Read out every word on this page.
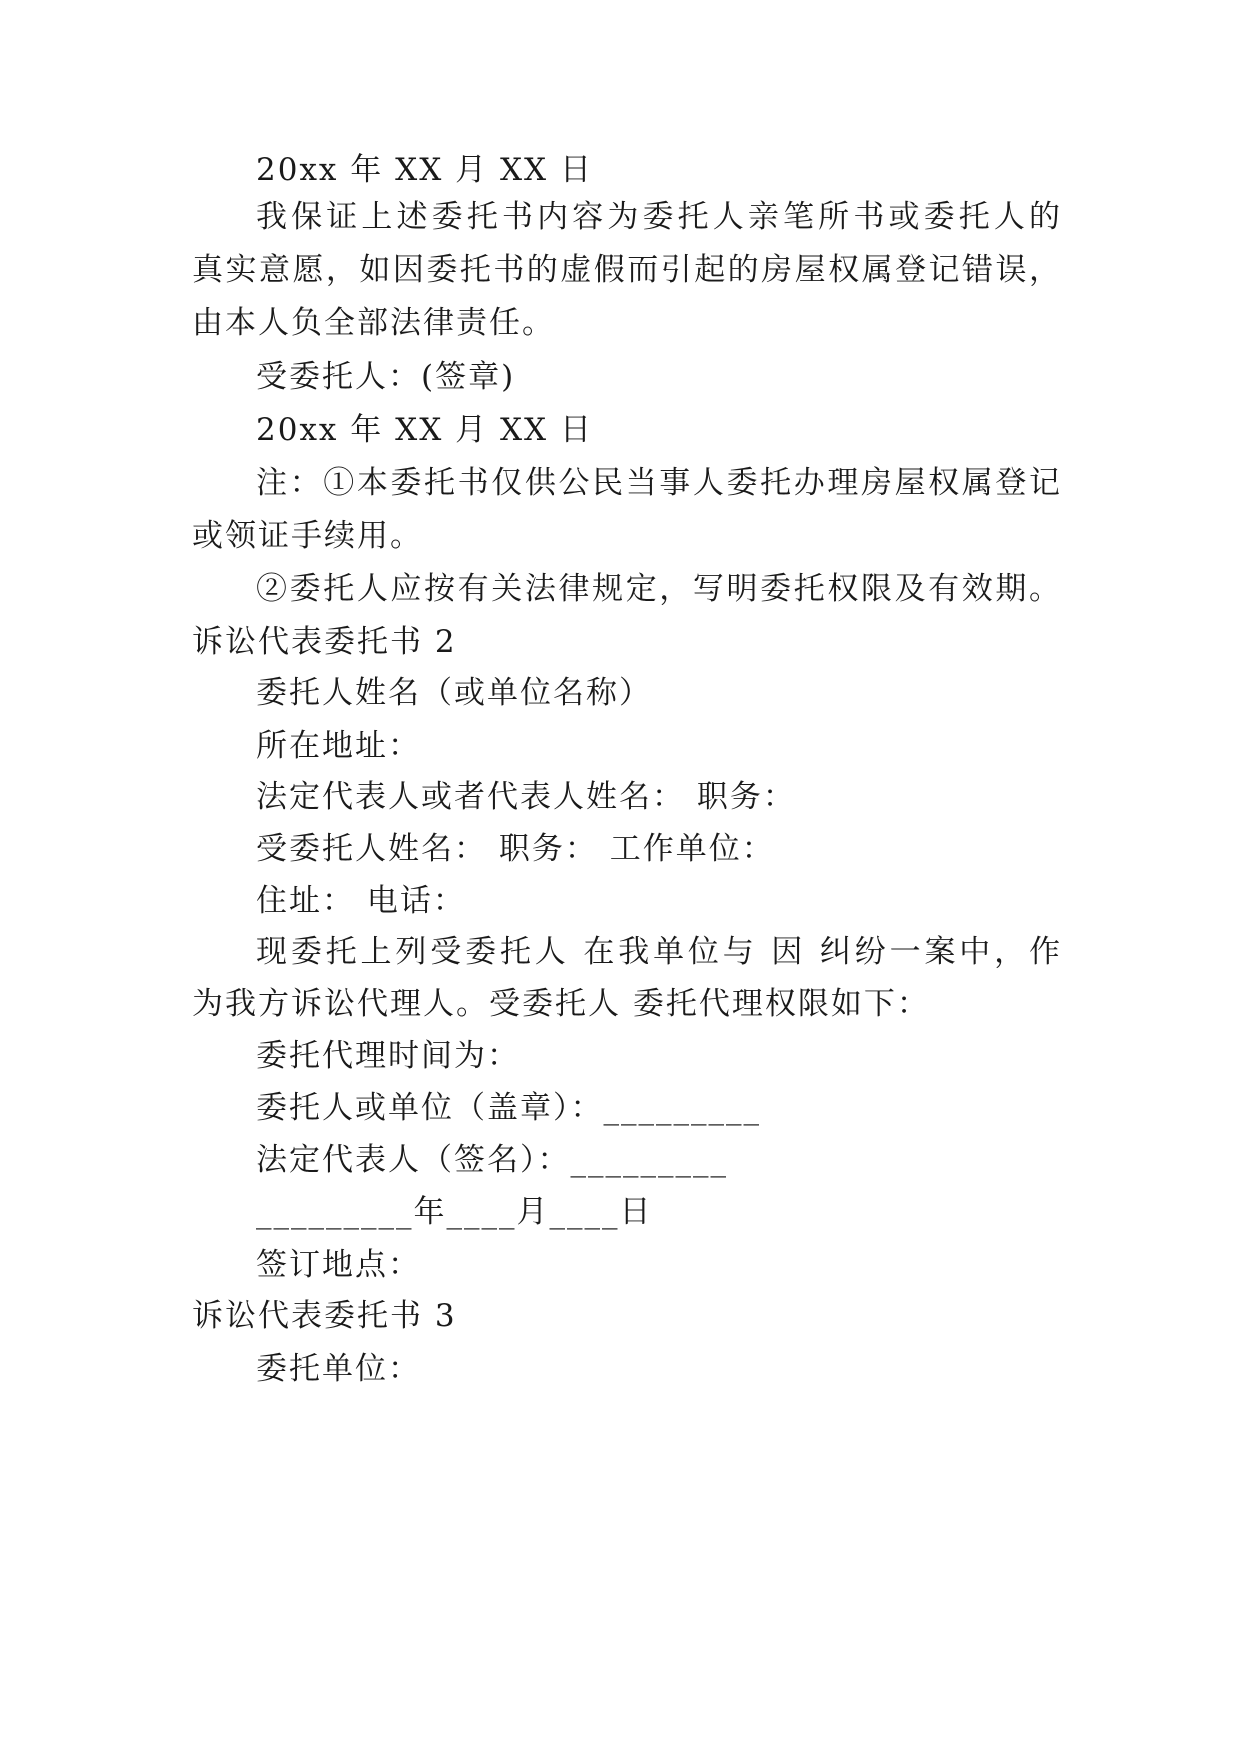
20xx 年 XX 月 XX 日
我保证上述委托书内容为委托人亲笔所书或委托人的
真实意愿，如因委托书的虚假而引起的房屋权属登记错误，
由本人负全部法律责任。
受委托人：(签章)
20xx 年 XX 月 XX 日
注：①本委托书仅供公民当事人委托办理房屋权属登记
或领证手续用。
②委托人应按有关法律规定，写明委托权限及有效期。
诉讼代表委托书 2
委托人姓名（或单位名称）
所在地址：
法定代表人或者代表人姓名： 职务：
受委托人姓名： 职务： 工作单位：
住址： 电话：
现委托上列受委托人 在我单位与 因 纠纷一案中，作
为我方诉讼代理人。受委托人 委托代理权限如下：
委托代理时间为：
委托人或单位（盖章）：_________
法定代表人（签名）：_________
_________年____月____日
签订地点：
诉讼代表委托书 3
委托单位：
